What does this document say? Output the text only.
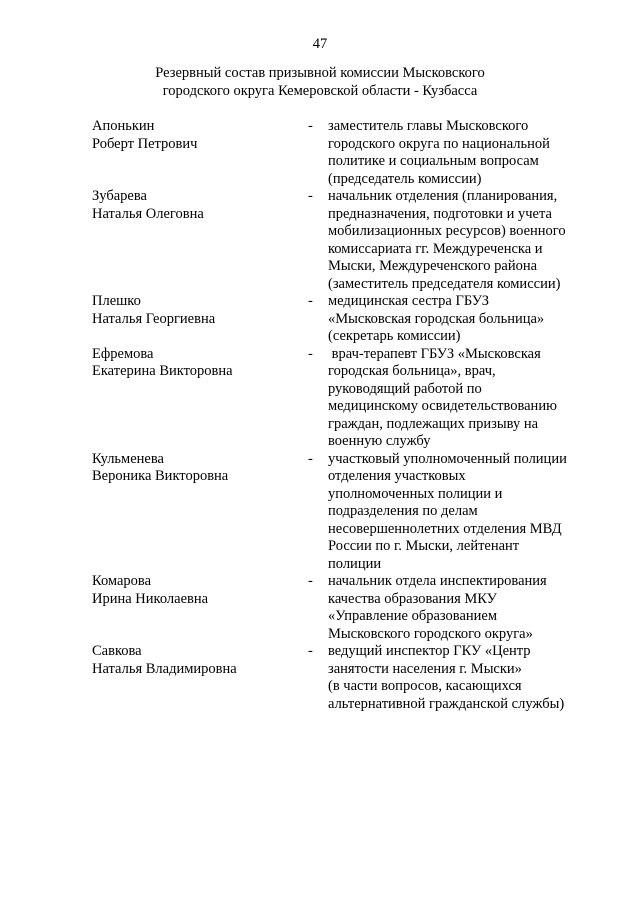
47
Резервный состав призывной комиссии Мысковского
городского округа Кемеровской области - Кузбасса
Апонькин
Роберт Петрович
-	заместитель главы Мысковского
городского округа по национальной
политике и социальным вопросам
(председатель комиссии)
Зубарева
Наталья Олеговна
-	начальник отделения (планирования,
предназначения, подготовки и учета
мобилизационных ресурсов) военного
комиссариата гг. Междуреченска и
Мыски, Междуреченского района
(заместитель председателя комиссии)
Плешко
Наталья Георгиевна
-	медицинская сестра ГБУЗ
«Мысковская городская больница»
(секретарь комиссии)
Ефремова
Екатерина Викторовна
-	врач-терапевт ГБУЗ «Мысковская
городская больница», врач,
руководящий работой по
медицинскому освидетельствованию
граждан, подлежащих призыву на
военную службу
Кульменева
Вероника Викторовна
-	участковый уполномоченный полиции
отделения участковых
уполномоченных полиции и
подразделения по делам
несовершеннолетних отделения МВД
России по г. Мыски, лейтенант
полиции
Комарова
Ирина Николаевна
-	начальник отдела инспектирования
качества образования МКУ
«Управление образованием
Мысковского городского округа»
Савкова
Наталья Владимировна
-	ведущий инспектор ГКУ «Центр
занятости населения г. Мыски»
(в части вопросов, касающихся
альтернативной гражданской службы)
